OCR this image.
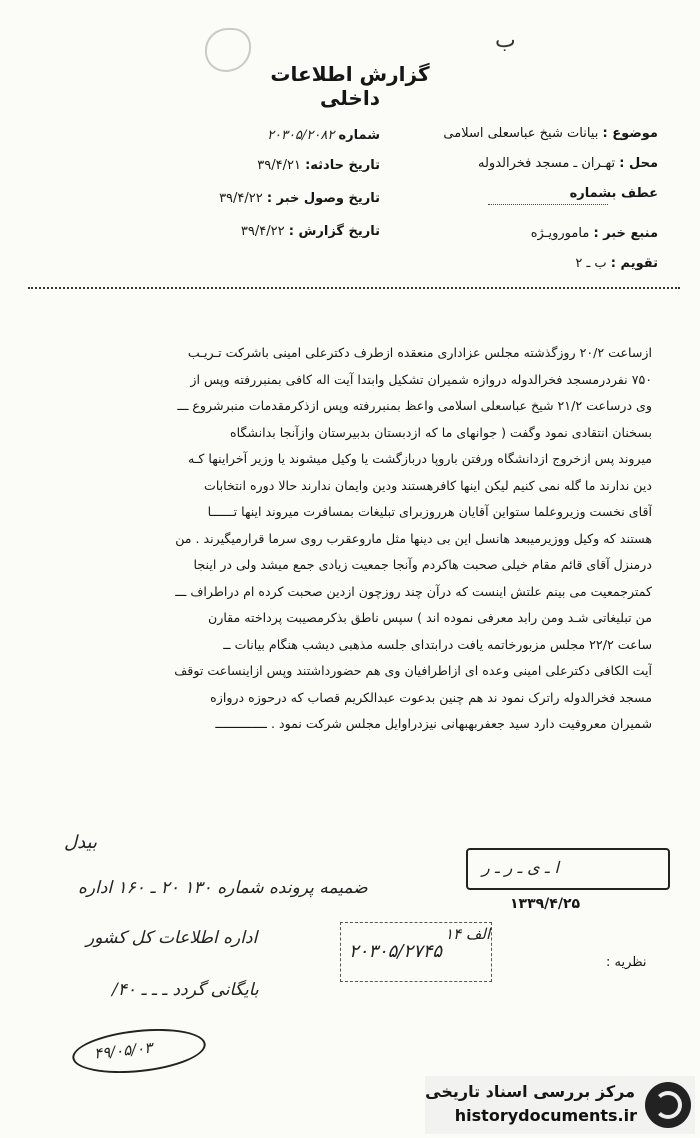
ب
گزارش اطلاعات داخلی
موضوع : بیانات شیخ عباسعلی اسلامی
محل : تهـران ـ مسجد فخرالدوله
عطف بشماره
منبع خبر : مامورویـژه
تقویم : ب ـ ۲
شماره ۲۰۳۰۵/۲۰۸۲
تاریخ حادثه: ۳۹/۴/۲۱
تاریخ وصول خبر : ۳۹/۴/۲۲
تاریخ گزارش : ۳۹/۴/۲۲

ازساعت ۲۰/۲ روزگذشته مجلس عزاداری منعقده ازطرف دکترعلی امینی باشرکت تـریـب

۷۵۰ نفردرمسجد فخرالدوله دروازه شمیران تشکیل وابتدا آیت اله کافی بمنبررفته وپس از

وی درساعت ۲۱/۲ شیخ عباسعلی اسلامی واعظ بمنبررفته وپس ازذکرمقدمات منبرشروع ـــ

بسخنان انتقادی نمود وگفت ( جوانهای ما که ازدبستان بدبیرستان وازآنجا بدانشگاه

میروند پس ازخروج ازدانشگاه ورفتن باروپا دربازگشت یا وکیل میشوند یا وزیر آخراینها کـه

دین ندارند ما گله نمی کنیم لیکن اینها کافرهستند ودین وایمان ندارند حالا دوره انتخابات

آقای نخست وزیروعلما ستواین آقایان هرروزبرای تبلیغات بمسافرت میروند اینها تــــــا

هستند که وکیل ووزیرمیبعد هانسل این بی دینها مثل ماروعقرب روی سرما قرارمیگیرند . من

درمنزل آقای قائم مقام خیلی صحبت هاکردم وآنجا جمعیت زیادی جمع میشد ولی در اینجا

کمترجمعیت می بینم علتش اینست که درآن چند روزچون ازدین صحبت کرده ام دراطراف ـــ

من تبلیغاتی شـد ومن رابد معرفی نموده اند ) سپس ناطق بذکرمصیبت پرداخته مقارن

ساعت ۲۲/۲ مجلس مزبورخاتمه یافت درابتدای جلسه مذهبی دیشب هنگام بیانات ــ

آیت الکافی دکترعلی امینی وعده ای ازاطرافیان وی هم حضورداشتند وپس ازاینساعت توقف

مسجد فخرالدوله راترک نمود ند هم چنین بدعوت عبدالکریم قصاب که درحوزه دروازه

شمیران معروفیت دارد سید جعفربهبهانی نیزدراوایل مجلس شرکت نمود . ــــــــــــــ

بیدل
ضمیمه پرونده شماره ۱۳۰ ۲۰ ـ ۱۶۰ اداره
اداره اطلاعات کل کشور
بایگانی گردد ـ ـ ـ ۴۰/
۴۹/۰۵/۰۳
ا ـ ی ـ ر ـ ر
۱۳۳۹/۴/۲۵
۲۰۳۰۵/۲۷۴۵
الف ۱۴
نظریه :
مرکز بررسی اسناد تاریخی
historydocuments.ir
